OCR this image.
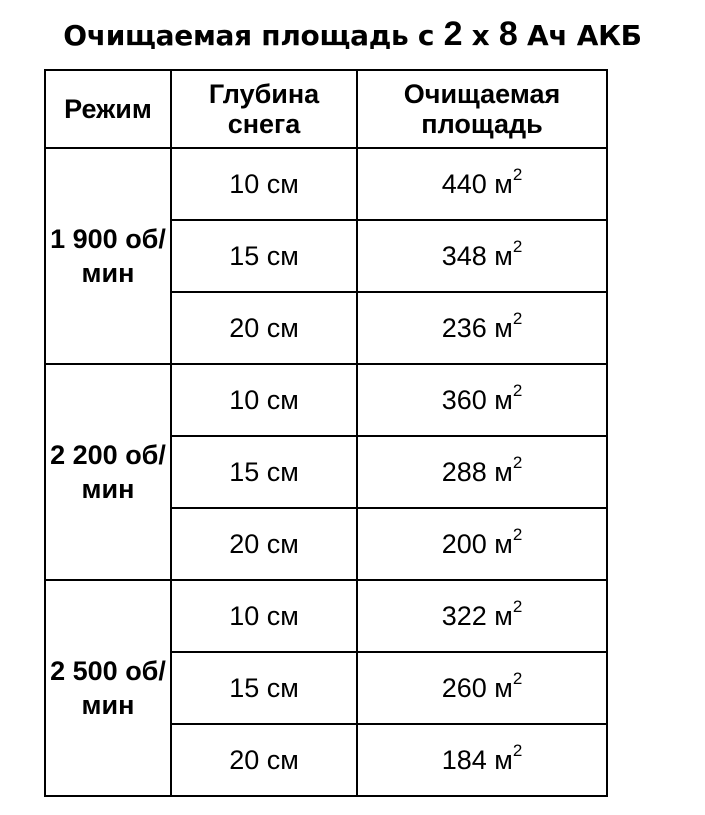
Очищаемая площадь с 2 х 8 Ач АКБ
Режим	Глубина снега	Очищаемая площадь
1 900 об/мин	10 см	440 $м^2$
	15 см	348 $м^2$
	20 см	236 $м^2$
2 200 об/мин	10 см	360 $м^2$
	15 см	288 $м^2$
	20 см	200 $м^2$
2 500 об/мин	10 см	322 $м^2$
	15 см	260 $м^2$
	20 см	184 $м^2$
